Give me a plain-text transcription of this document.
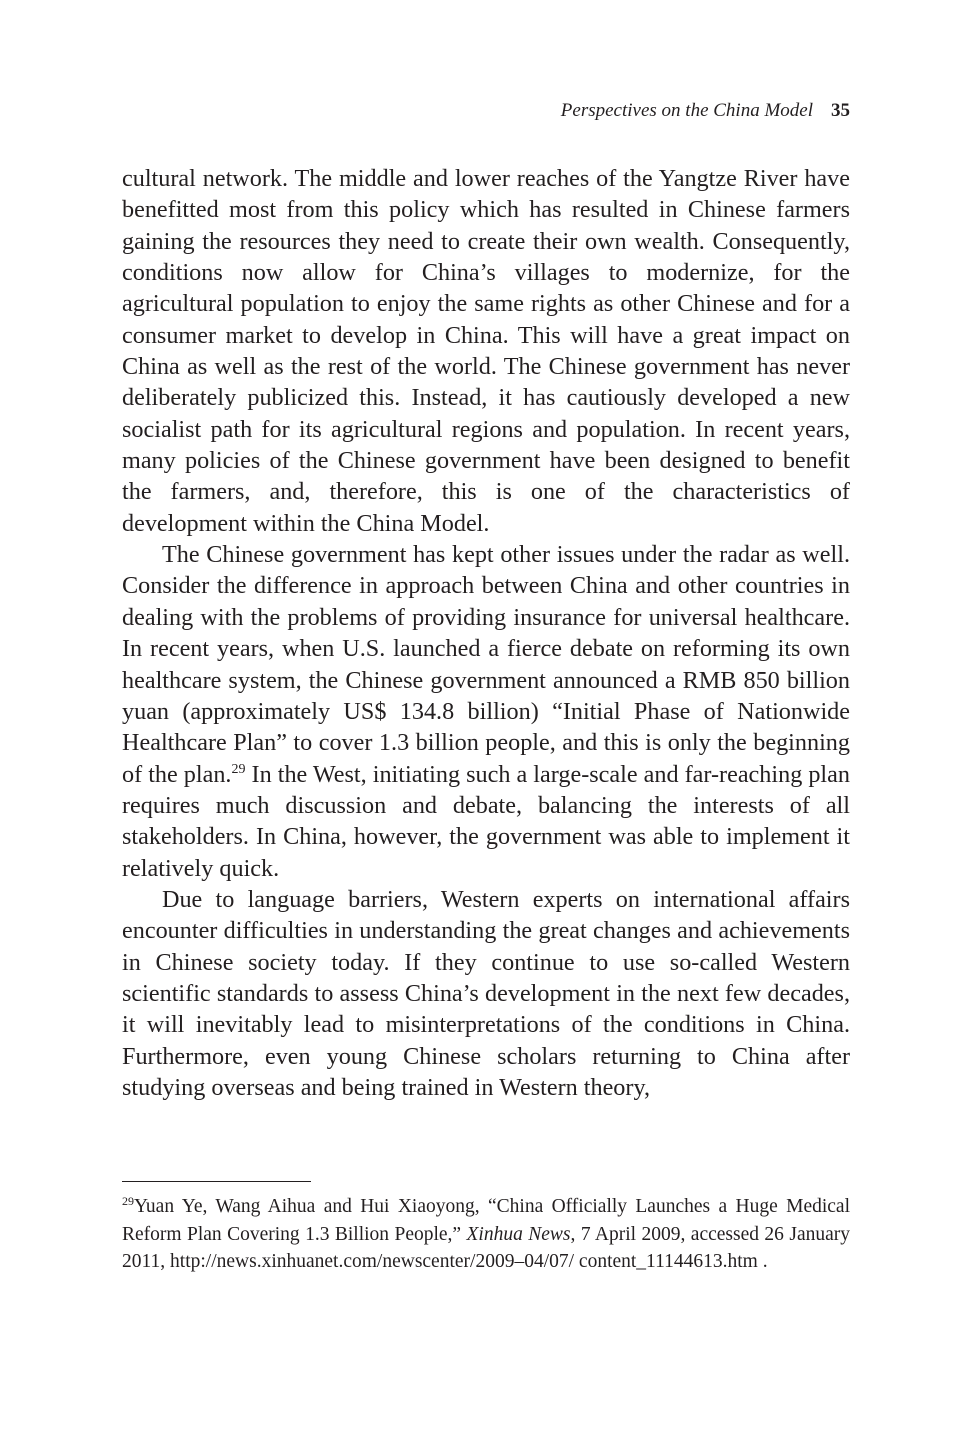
Perspectives on the China Model 35

cultural network. The middle and lower reaches of the Yangtze River have benefitted most from this policy which has resulted in Chinese farmers gaining the resources they need to create their own wealth. Consequently, conditions now allow for China’s villages to modernize, for the agricultural population to enjoy the same rights as other Chinese and for a consumer market to develop in China. This will have a great impact on China as well as the rest of the world. The Chinese government has never deliberately publicized this. Instead, it has cautiously developed a new socialist path for its agricultural regions and population. In recent years, many policies of the Chinese government have been designed to benefit the farmers, and, therefore, this is one of the characteristics of development within the China Model.

The Chinese government has kept other issues under the radar as well. Consider the difference in approach between China and other countries in dealing with the problems of providing insurance for universal healthcare. In recent years, when U.S. launched a fierce debate on reforming its own healthcare system, the Chinese government announced a RMB 850 billion yuan (approximately US$ 134.8 billion) “Initial Phase of Nationwide Healthcare Plan” to cover 1.3 billion people, and this is only the beginning of the plan.$^{29}$ In the West, initiating such a large-scale and far-reaching plan requires much discussion and debate, balancing the interests of all stakeholders. In China, however, the government was able to implement it relatively quick.

Due to language barriers, Western experts on international affairs encounter difficulties in understanding the great changes and achievements in Chinese society today. If they continue to use so-called Western scientific standards to assess China’s development in the next few decades, it will inevitably lead to misinterpretations of the conditions in China. Furthermore, even young Chinese scholars returning to China after studying overseas and being trained in Western theory,

$^{29}$Yuan Ye, Wang Aihua and Hui Xiaoyong, “China Officially Launches a Huge Medical Reform Plan Covering 1.3 Billion People,” Xinhua News, 7 April 2009, accessed 26 January 2011, http://news.xinhuanet.com/newscenter/2009–04/07/ content_11144613.htm .
